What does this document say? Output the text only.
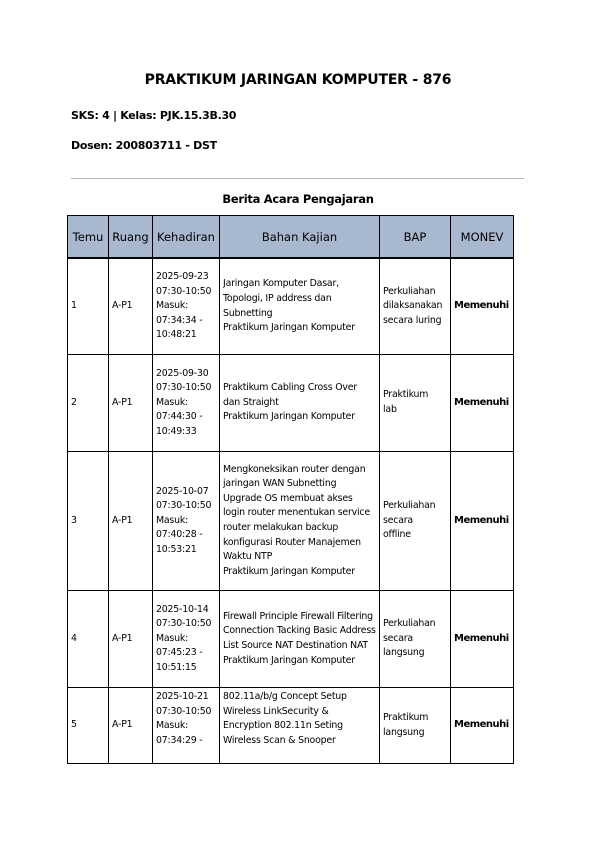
PRAKTIKUM JARINGAN KOMPUTER - 876
SKS: 4 | Kelas: PJK.15.3B.30
Dosen: 200803711 - DST
Berita Acara Pengajaran
Temu	Ruang	Kehadiran	Bahan Kajian	BAP	MONEV
1	A-P1	2025-09-23
07:30-10:50
Masuk:
07:34:34 -
10:48:21	Jaringan Komputer Dasar, Topologi, IP address dan Subnetting
Praktikum Jaringan Komputer	Perkuliahan
dilaksanakan
secara luring	Memenuhi
2	A-P1	2025-09-30
07:30-10:50
Masuk:
07:44:30 -
10:49:33	Praktikum Cabling Cross Over dan Straight
Praktikum Jaringan Komputer	Praktikum
lab	Memenuhi
3	A-P1	2025-10-07
07:30-10:50
Masuk:
07:40:28 -
10:53:21	Mengkoneksikan router dengan jaringan WAN Subnetting Upgrade OS membuat akses login router menentukan service router melakukan backup konfigurasi Router Manajemen Waktu NTP
Praktikum Jaringan Komputer	Perkuliahan
secara
offline	Memenuhi
4	A-P1	2025-10-14
07:30-10:50
Masuk:
07:45:23 -
10:51:15	Firewall Principle Firewall Filtering Connection Tacking Basic Address List Source NAT Destination NAT
Praktikum Jaringan Komputer	Perkuliahan
secara
langsung	Memenuhi
5	A-P1	2025-10-21
07:30-10:50
Masuk:
07:34:29 -	802.11a/b/g Concept Setup Wireless LinkSecurity & Encryption 802.11n Seting Wireless Scan & Snooper	Praktikum
langsung	Memenuhi
